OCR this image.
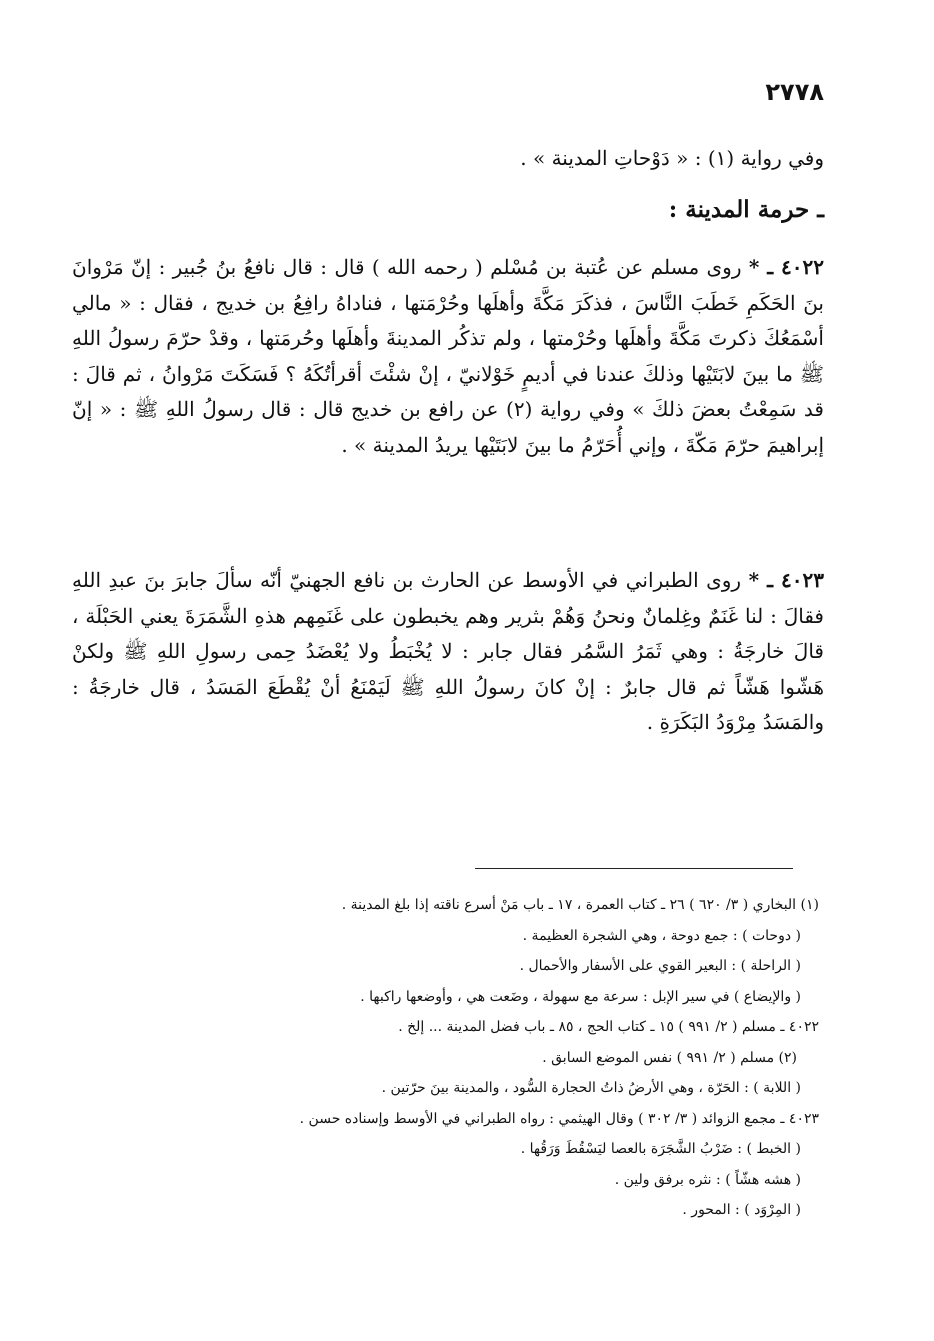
٢٧٧٨
وفي رواية (١) : « دَوْحاتِ المدينة » .
ـ حرمة المدينة :
٤٠٢٢ ـ * روى مسلم عن عُتبة بن مُسْلم ( رحمه الله ) قال : قال نافعُ بنُ جُبير : إنّ مَرْوانَ بنَ الحَكَمِ خَطَبَ النَّاسَ ، فذكَرَ مَكَّةَ وأهلَها وحُرْمَتها ، فناداهُ رافِعُ بن خديج ، فقال : « مالي أسْمَعُكَ ذكرتَ مَكَّةَ وأهلَها وحُرْمتها ، ولم تذكُر المدينةَ وأهلَها وحُرمَتها ، وقدْ حرّمَ رسولُ اللهِ ﷺ ما بينَ لابَتَيْها وذلكَ عندنا في أديمٍ خَوْلانيّ ، إنْ شئْتَ أقرأتُكَهُ ؟ فَسَكَتَ مَرْوانُ ، ثم قالَ : قد سَمِعْتُ بعضَ ذلكَ » وفي رواية (٢) عن رافع بن خديج قال : قال رسولُ اللهِ ﷺ : « إنّ إبراهيمَ حرّمَ مَكّةَ ، وإني أُحَرّمُ ما بينَ لابَتَيْها يريدُ المدينة » .
٤٠٢٣ ـ * روى الطبراني في الأوسط عن الحارث بن نافع الجهنيّ أنّه سألَ جابرَ بنَ عبدِ اللهِ فقالَ : لنا غَنَمٌ وغِلمانٌ ونحنُ وَهُمْ بثرير وهم يخبطون على غَنَمِهم هذهِ الشَّمَرَةَ يعني الحَبْلَة ، قالَ خارجَةُ : وهي ثَمَرُ السَّمُر فقال جابر : لا يُخْبَطُ ولا يُعْضَدُ حِمى رسولِ اللهِ ﷺ ولكنْ هَشّوا هَشّاً ثم قال جابرٌ : إنْ كانَ رسولُ اللهِ ﷺ لَيَمْنَعُ أنْ يُقْطَعَ المَسَدُ ، قال خارجَةُ : والمَسَدُ مِرْوَدُ البَكَرَةِ .
(١) البخاري ( ٣/ ٦٢٠ ) ٢٦ ـ كتاب العمرة ، ١٧ ـ باب مَنْ أسرع ناقته إذا بلغ المدينة .
( دوحات ) : جمع دوحة ، وهي الشجرة العظيمة .
( الراحلة ) : البعير القوي على الأسفار والأحمال .
( والإيضاع ) في سير الإبل : سرعة مع سهولة ، وضَعت هي ، وأوضعها راكبها .
٤٠٢٢ ـ مسلم ( ٢/ ٩٩١ ) ١٥ ـ كتاب الحج ، ٨٥ ـ باب فضل المدينة ... إلخ .
(٢) مسلم ( ٢/ ٩٩١ ) نفس الموضع السابق .
( اللابة ) : الحَرّة ، وهي الأرضُ ذاتُ الحجارة السُّود ، والمدينة بينَ حرّتين .
٤٠٢٣ ـ مجمع الزوائد ( ٣/ ٣٠٢ ) وقال الهيثمي : رواه الطبراني في الأوسط وإسناده حسن .
( الخبط ) : ضَرْبُ الشَّجَرَة بالعصا ليَسْقُطَ وَرَقُها .
( هشه هشّاً ) : نثره برفق ولين .
( المِرْوَد ) : المحور .
